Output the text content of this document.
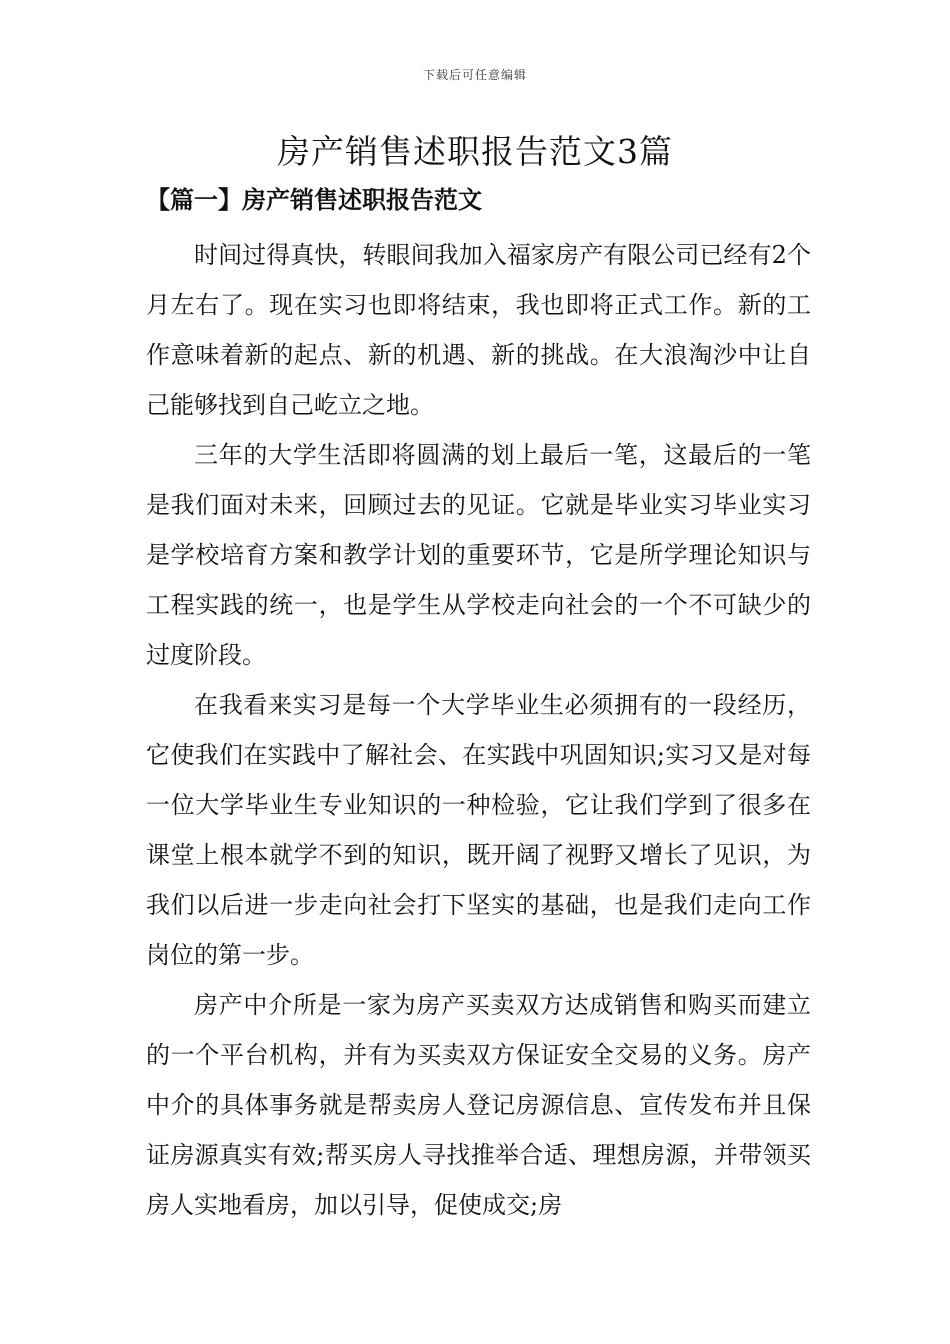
下载后可任意编辑
房产销售述职报告范文3篇
【篇一】房产销售述职报告范文

时间过得真快，转眼间我加入福家房产有限公司已经有2个月左右了。现在实习也即将结束，我也即将正式工作。新的工作意味着新的起点、新的机遇、新的挑战。在大浪淘沙中让自己能够找到自己屹立之地。

三年的大学生活即将圆满的划上最后一笔，这最后的一笔是我们面对未来，回顾过去的见证。它就是毕业实习毕业实习是学校培育方案和教学计划的重要环节，它是所学理论知识与工程实践的统一，也是学生从学校走向社会的一个不可缺少的过度阶段。

在我看来实习是每一个大学毕业生必须拥有的一段经历，它使我们在实践中了解社会、在实践中巩固知识;实习又是对每一位大学毕业生专业知识的一种检验，它让我们学到了很多在课堂上根本就学不到的知识，既开阔了视野又增长了见识，为我们以后进一步走向社会打下坚实的基础，也是我们走向工作岗位的第一步。

房产中介所是一家为房产买卖双方达成销售和购买而建立的一个平台机构，并有为买卖双方保证安全交易的义务。房产中介的具体事务就是帮卖房人登记房源信息、宣传发布并且保证房源真实有效;帮买房人寻找推举合适、理想房源，并带领买房人实地看房，加以引导，促使成交;房
